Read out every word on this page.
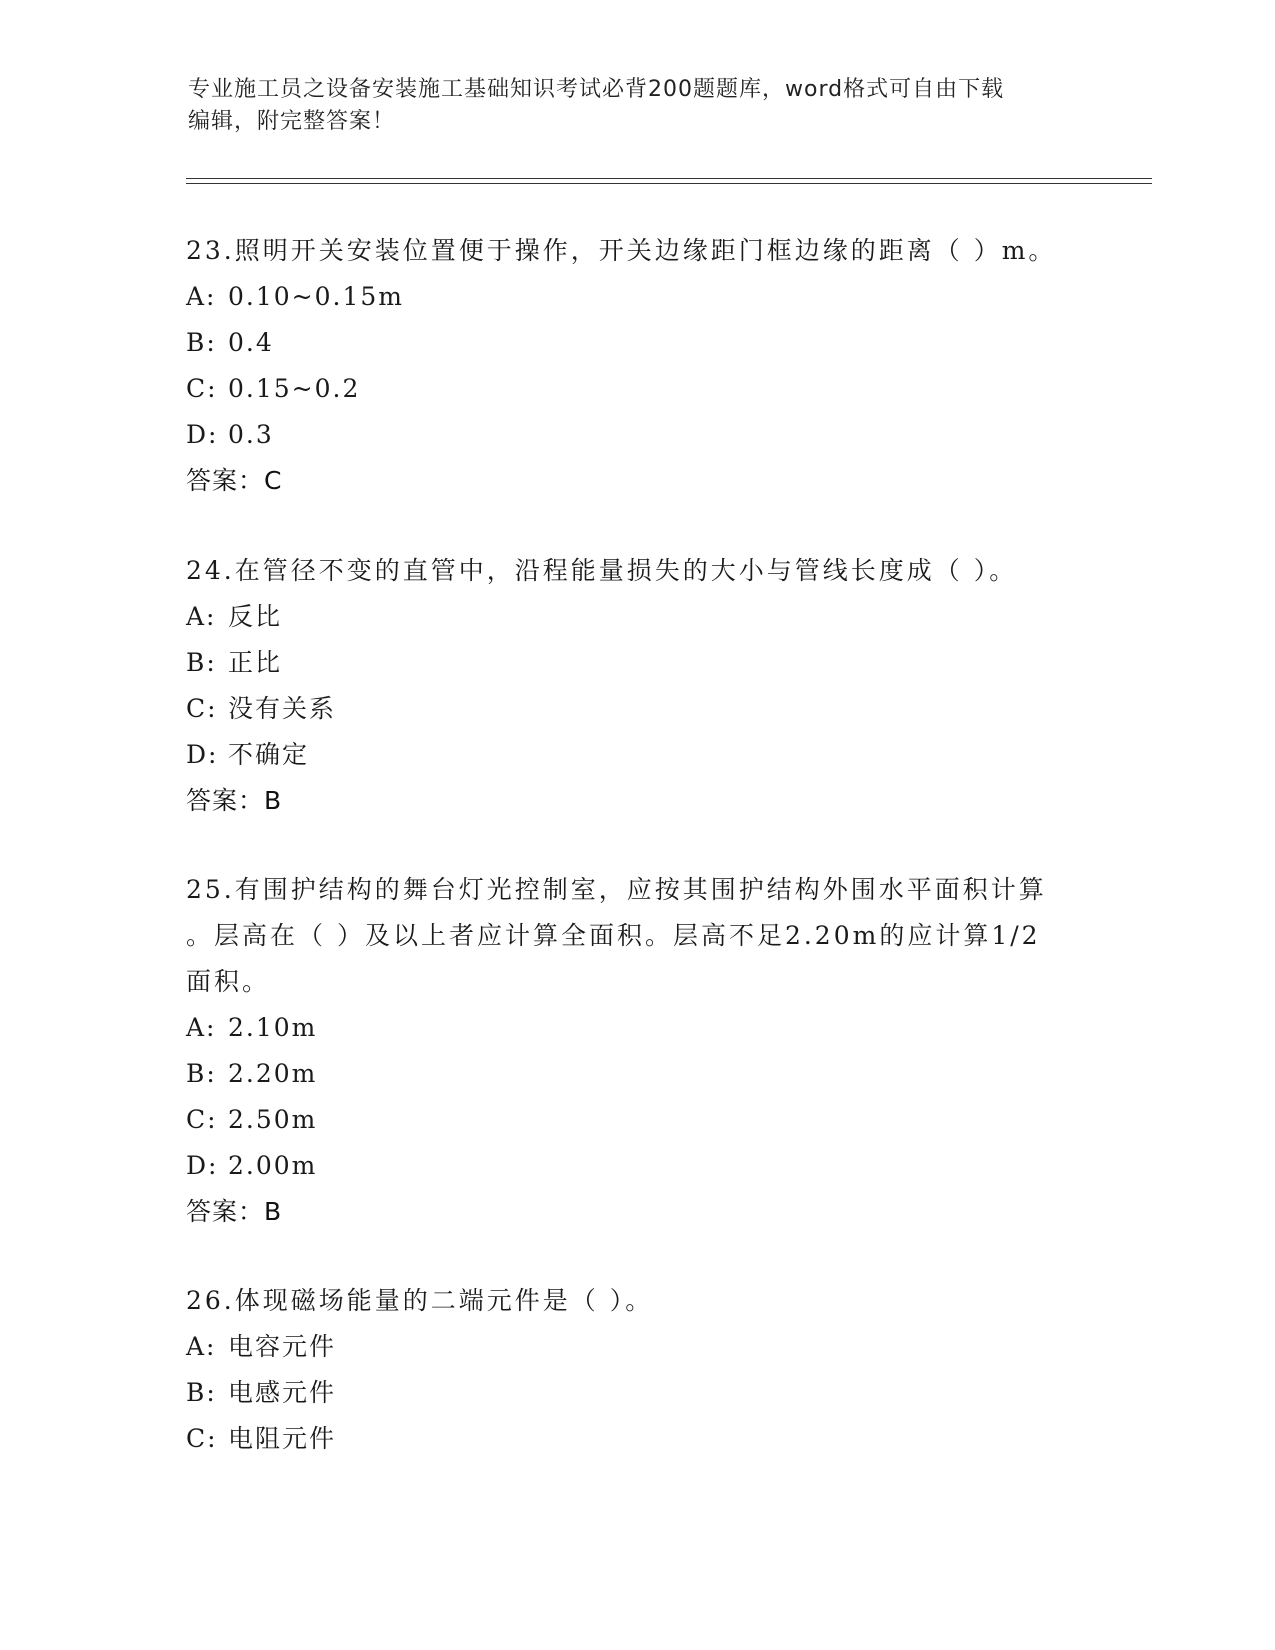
专业施工员之设备安装施工基础知识考试必背200题题库，word格式可自由下载
编辑，附完整答案！

23.照明开关安装位置便于操作，开关边缘距门框边缘的距离（ ）m。

A: 0.10~0.15m

B: 0.4

C: 0.15~0.2

D: 0.3

答案：C

24.在管径不变的直管中，沿程能量损失的大小与管线长度成（ ）。

A: 反比

B: 正比

C: 没有关系

D: 不确定

答案：B

25.有围护结构的舞台灯光控制室，应按其围护结构外围水平面积计算

。层高在（ ）及以上者应计算全面积。层高不足2.20m的应计算1/2

面积。

A: 2.10m

B: 2.20m

C: 2.50m

D: 2.00m

答案：B

26.体现磁场能量的二端元件是（ ）。

A: 电容元件

B: 电感元件

C: 电阻元件
